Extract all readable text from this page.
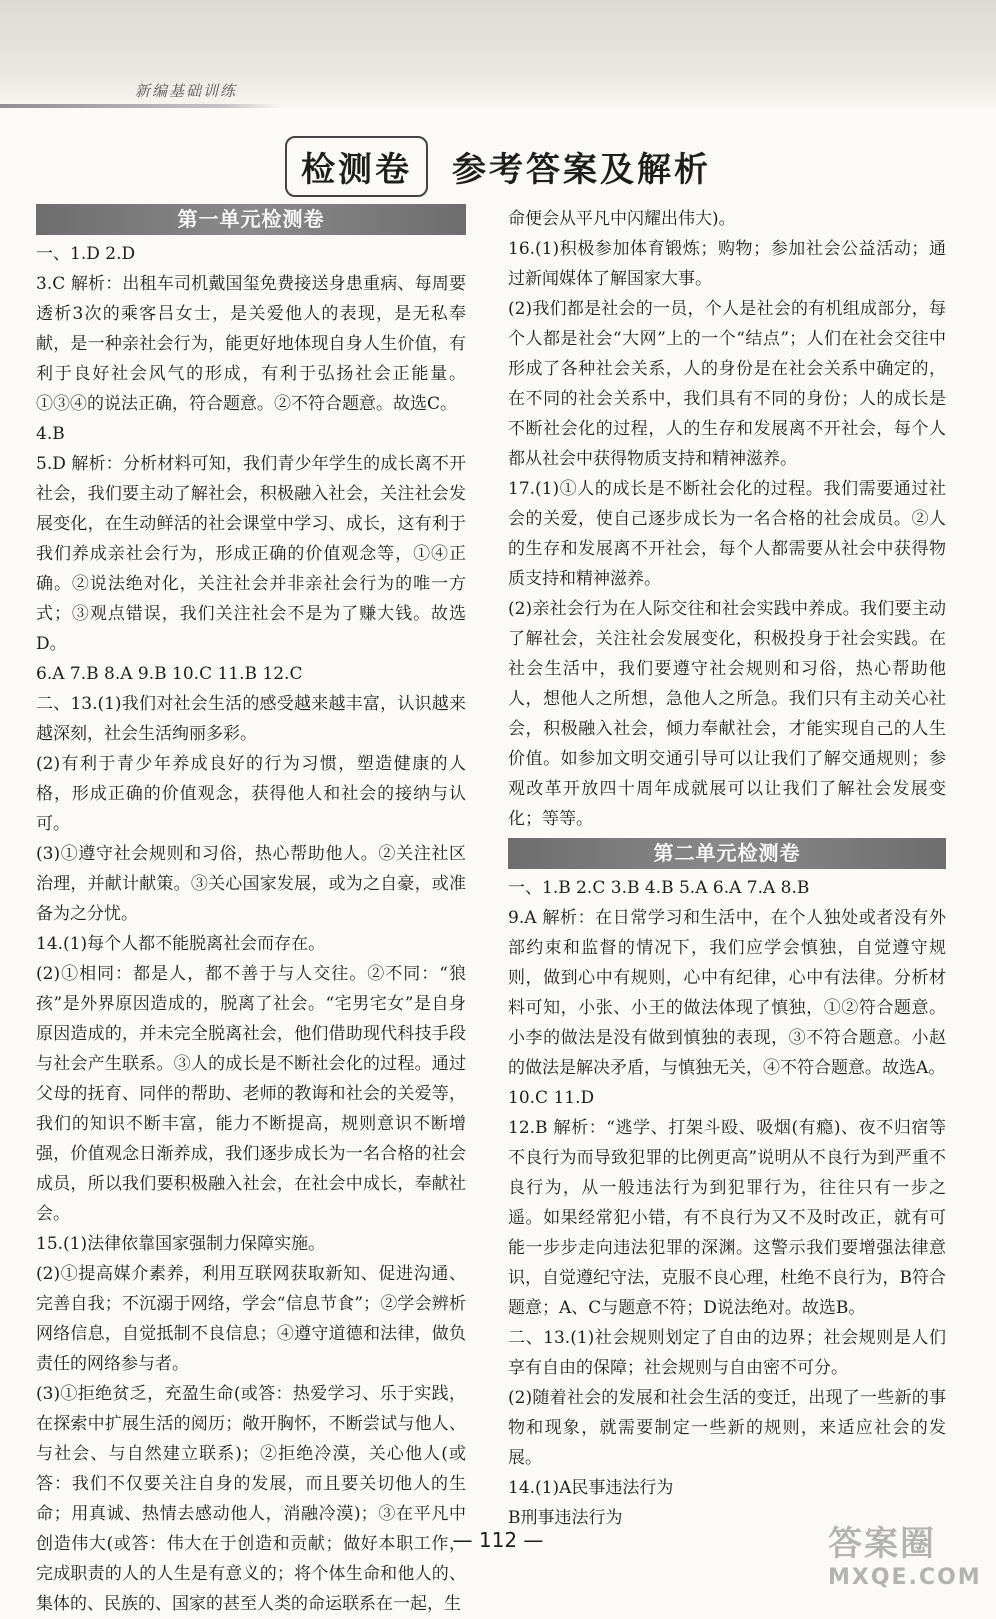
新编基础训练
检测卷	参考答案及解析
第一单元检测卷

一、1.D 2.D

3.C 解析：出租车司机戴国玺免费接送身患重病、每周要透析3次的乘客吕女士，是关爱他人的表现，是无私奉献，是一种亲社会行为，能更好地体现自身人生价值，有利于良好社会风气的形成，有利于弘扬社会正能量。①③④的说法正确，符合题意。②不符合题意。故选C。

4.B

5.D 解析：分析材料可知，我们青少年学生的成长离不开社会，我们要主动了解社会，积极融入社会，关注社会发展变化，在生动鲜活的社会课堂中学习、成长，这有利于我们养成亲社会行为，形成正确的价值观念等，①④正确。②说法绝对化，关注社会并非亲社会行为的唯一方式；③观点错误，我们关注社会不是为了赚大钱。故选D。

6.A 7.B 8.A 9.B 10.C 11.B 12.C

二、13.(1)我们对社会生活的感受越来越丰富，认识越来越深刻，社会生活绚丽多彩。

(2)有利于青少年养成良好的行为习惯，塑造健康的人格，形成正确的价值观念，获得他人和社会的接纳与认可。

(3)①遵守社会规则和习俗，热心帮助他人。②关注社区治理，并献计献策。③关心国家发展，或为之自豪，或准备为之分忧。

14.(1)每个人都不能脱离社会而存在。

(2)①相同：都是人，都不善于与人交往。②不同：“狼孩”是外界原因造成的，脱离了社会。“宅男宅女”是自身原因造成的，并未完全脱离社会，他们借助现代科技手段与社会产生联系。③人的成长是不断社会化的过程。通过父母的抚育、同伴的帮助、老师的教诲和社会的关爱等，我们的知识不断丰富，能力不断提高，规则意识不断增强，价值观念日渐养成，我们逐步成长为一名合格的社会成员，所以我们要积极融入社会，在社会中成长，奉献社会。

15.(1)法律依靠国家强制力保障实施。

(2)①提高媒介素养，利用互联网获取新知、促进沟通、完善自我；不沉溺于网络，学会“信息节食”；②学会辨析网络信息，自觉抵制不良信息；④遵守道德和法律，做负责任的网络参与者。

(3)①拒绝贫乏，充盈生命(或答：热爱学习、乐于实践，在探索中扩展生活的阅历；敞开胸怀，不断尝试与他人、与社会、与自然建立联系)；②拒绝冷漠，关心他人(或答：我们不仅要关注自身的发展，而且要关切他人的生命；用真诚、热情去感动他人，消融冷漠)；③在平凡中创造伟大(或答：伟大在于创造和贡献；做好本职工作，完成职责的人的人生是有意义的；将个体生命和他人的、集体的、民族的、国家的甚至人类的命运联系在一起，生

命便会从平凡中闪耀出伟大)。

16.(1)积极参加体育锻炼；购物；参加社会公益活动；通过新闻媒体了解国家大事。

(2)我们都是社会的一员，个人是社会的有机组成部分，每个人都是社会“大网”上的一个“结点”；人们在社会交往中形成了各种社会关系，人的身份是在社会关系中确定的，在不同的社会关系中，我们具有不同的身份；人的成长是不断社会化的过程，人的生存和发展离不开社会，每个人都从社会中获得物质支持和精神滋养。

17.(1)①人的成长是不断社会化的过程。我们需要通过社会的关爱，使自己逐步成长为一名合格的社会成员。②人的生存和发展离不开社会，每个人都需要从社会中获得物质支持和精神滋养。

(2)亲社会行为在人际交往和社会实践中养成。我们要主动了解社会，关注社会发展变化，积极投身于社会实践。在社会生活中，我们要遵守社会规则和习俗，热心帮助他人，想他人之所想，急他人之所急。我们只有主动关心社会，积极融入社会，倾力奉献社会，才能实现自己的人生价值。如参加文明交通引导可以让我们了解交通规则；参观改革开放四十周年成就展可以让我们了解社会发展变化；等等。

第二单元检测卷

一、1.B 2.C 3.B 4.B 5.A 6.A 7.A 8.B

9.A 解析：在日常学习和生活中，在个人独处或者没有外部约束和监督的情况下，我们应学会慎独，自觉遵守规则，做到心中有规则，心中有纪律，心中有法律。分析材料可知，小张、小王的做法体现了慎独，①②符合题意。小李的做法是没有做到慎独的表现，③不符合题意。小赵的做法是解决矛盾，与慎独无关，④不符合题意。故选A。

10.C 11.D

12.B 解析：“逃学、打架斗殴、吸烟(有瘾)、夜不归宿等不良行为而导致犯罪的比例更高”说明从不良行为到严重不良行为，从一般违法行为到犯罪行为，往往只有一步之遥。如果经常犯小错，有不良行为又不及时改正，就有可能一步步走向违法犯罪的深渊。这警示我们要增强法律意识，自觉遵纪守法，克服不良心理，杜绝不良行为，B符合题意；A、C与题意不符；D说法绝对。故选B。

二、13.(1)社会规则划定了自由的边界；社会规则是人们享有自由的保障；社会规则与自由密不可分。

(2)随着社会的发展和社会生活的变迁，出现了一些新的事物和现象，就需要制定一些新的规则，来适应社会的发展。

14.(1)A民事违法行为

B刑事违法行为

— 112 —	答案圈
MXQE.COM
